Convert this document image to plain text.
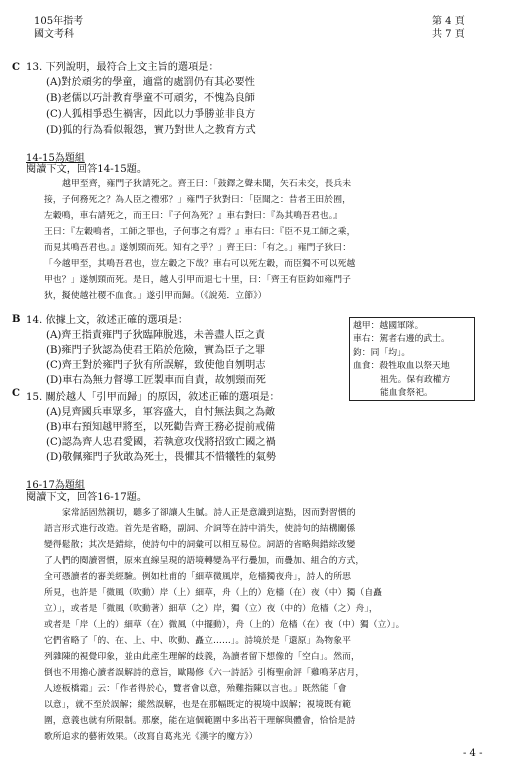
105年指考
國文考科
第 4 頁
共 7 頁
C 13. 下列說明，最符合上文主旨的選項是：
(A)對於頑劣的學童，適當的處罰仍有其必要性
(B)老儒以巧計教育學童不可頑劣，不愧為良師
(C)人狐相爭恐生禍害，因此以力爭勝並非良方
(D)狐的行為看似報怨，實乃對世人之教育方式
14-15為題組
閱讀下文，回答14-15題。
越甲至齊，雍門子狄請死之。齊王曰：「鼓鐸之聲未聞，矢石未交，長兵未
接，子何務死之？為人臣之禮邪？」雍門子狄對曰：「臣聞之：昔者王田於囿，
左轂鳴，車右請死之，而王曰：『子何為死？』車右對曰：『為其鳴吾君也。』
王曰：『左轂鳴者，工師之罪也，子何事之有焉？』車右曰：『臣不見工師之乘，
而見其鳴吾君也。』遂刎頸而死。知有之乎？」齊王曰：「有之。」雍門子狄曰：
「今越甲至，其鳴吾君也，豈左轂之下哉？車右可以死左轂，而臣獨不可以死越
甲也？」遂刎頸而死。是日，越人引甲而退七十里，曰：「齊王有臣鈞如雍門子
狄，擬使越社稷不血食。」遂引甲而歸。（《說苑．立節》）
B 14. 依據上文，敘述正確的選項是：
(A)齊王指責雍門子狄臨陣脫逃，未善盡人臣之責
(B)雍門子狄認為使君王陷於危險，實為臣子之罪
(C)齊王對於雍門子狄有所誤解，致使他自刎明志
(D)車右為無力督導工匠製車而自責，故刎頸而死
越甲：越國軍隊。
車右：駕者右邊的武士。
鈞：同「均」。
血食：殺牲取血以祭天地
祖先。保有政權方
能血食祭祀。
C 15. 關於越人「引甲而歸」的原因，敘述正確的選項是：
(A)見齊國兵車眾多，軍容盛大，自忖無法與之為敵
(B)車右預知越甲將至，以死勸告齊王務必提前戒備
(C)認為齊人忠君愛國，若執意攻伐將招致亡國之禍
(D)敬佩雍門子狄敢為死士，畏懼其不惜犧牲的氣勢
16-17為題組
閱讀下文，回答16-17題。
家常話固然親切，聽多了卻讓人生膩。詩人正是意識到這點，因而對習慣的
語言形式進行改造。首先是省略，副詞、介詞等在詩中消失，使詩句的結構關係
變得鬆散；其次是錯綜，使詩句中的詞彙可以相互易位。詞語的省略與錯綜改變
了人們的閱讀習慣，原來直線呈現的語境轉變為平行疊加，而疊加、組合的方式，
全可憑讀者的審美經驗。例如杜甫的「細草微風岸，危檣獨夜舟」，詩人的所思
所見，也許是「微風（吹動）岸（上）細草，舟（上的）危檣（在）夜（中）獨（自矗
立）」，或者是「微風（吹動著）細草（之）岸，獨（立）夜（中的）危檣（之）舟」，
或者是「岸（上的）細草（在）微風（中擺動），舟（上的）危檣（在）夜（中）獨（立）」。
它們省略了「的、在、上、中、吹動、矗立……」。詩境於是「還原」為物象平
列雜陳的視覺印象，並由此產生理解的歧義，為讀者留下想像的「空白」。然而，
倒也不用擔心讀者誤解詩的意旨，歐陽修《六一詩話》引梅聖俞評「雞鳴茅店月，
人迹板橋霜」云：「作者得於心，覽者會以意，殆難指陳以言也。」既然能「會
以意」，就不至於誤解；縱然誤解，也是在那幅既定的視境中誤解；視境既有範
圍，意義也就有所限制。那麼，能在這個範圍中多出若干理解與體會，恰恰是詩
歌所追求的藝術效果。（改寫自葛兆光《漢字的魔方》）
- 4 -
